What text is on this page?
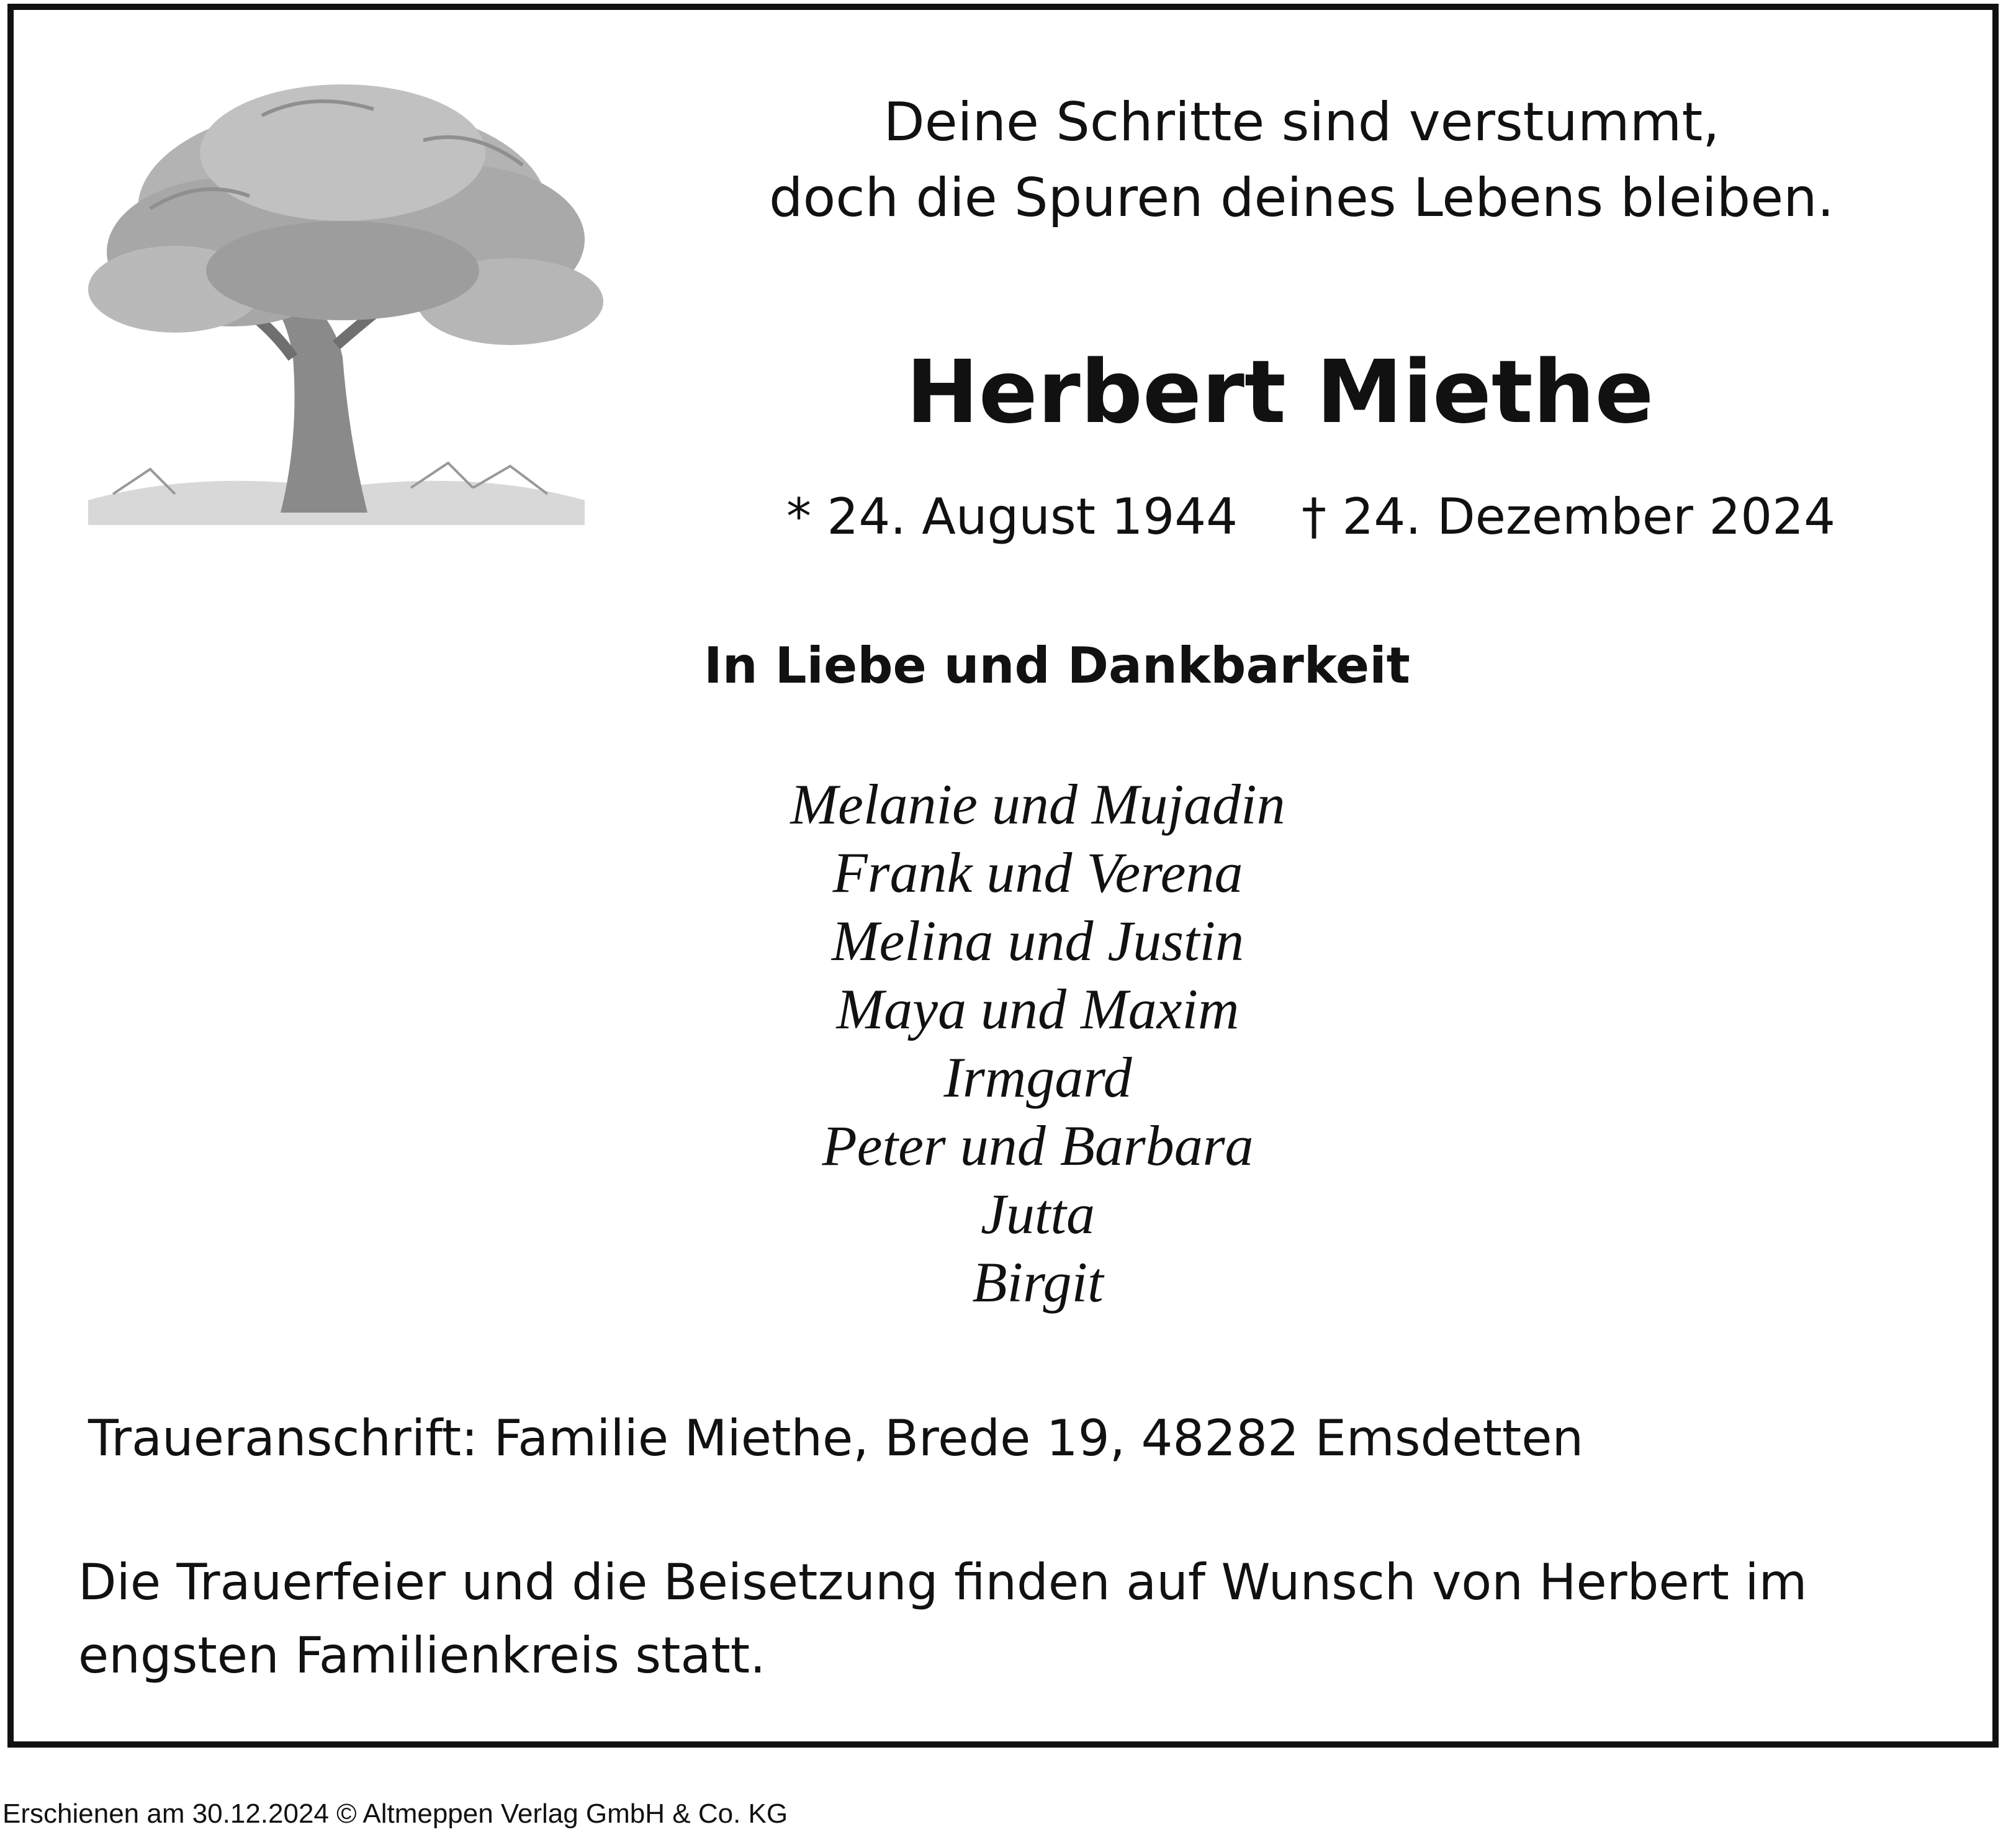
Deine Schritte sind verstummt,
doch die Spuren deines Lebens bleiben.
Herbert Miethe
* 24. August 1944 † 24. Dezember 2024
In Liebe und Dankbarkeit
Melanie und Mujadin
Frank und Verena
Melina und Justin
Maya und Maxim
Irmgard
Peter und Barbara
Jutta
Birgit
Traueranschrift: Familie Miethe, Brede 19, 48282 Emsdetten
Die Trauerfeier und die Beisetzung finden auf Wunsch von Herbert im
engsten Familienkreis statt.
Erschienen am 30.12.2024 © Altmeppen Verlag GmbH & Co. KG
